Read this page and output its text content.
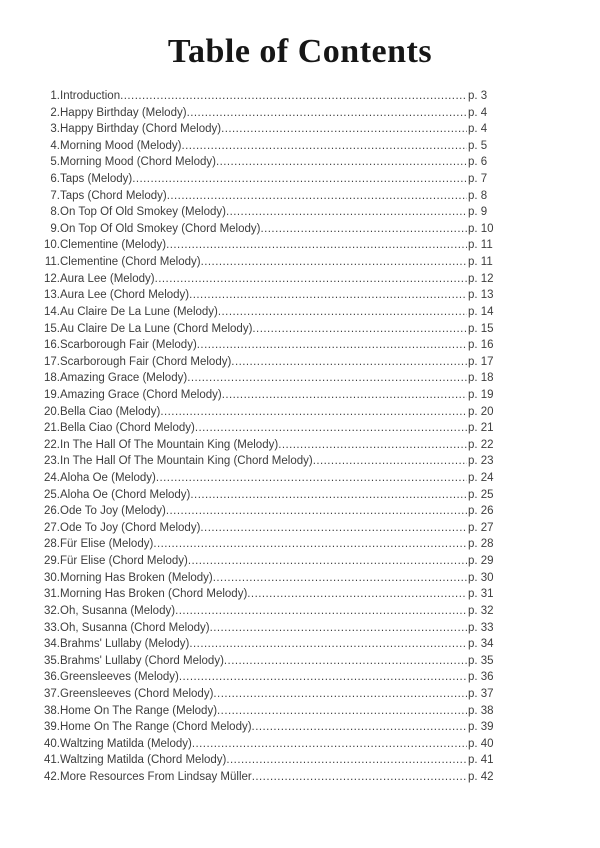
Table of Contents
1. Introduction .....	p. 3
2. Happy Birthday (Melody) .....	p. 4
3. Happy Birthday (Chord Melody) .....	p. 4
4. Morning Mood (Melody) .....	p. 5
5. Morning Mood (Chord Melody) .....	p. 6
6. Taps (Melody) .....	p. 7
7. Taps (Chord Melody) .....	p. 8
8. On Top Of Old Smokey (Melody) .....	p. 9
9. On Top Of Old Smokey (Chord Melody) .....	p. 10
10. Clementine (Melody) .....	p. 11
11. Clementine (Chord Melody) .....	p. 11
12. Aura Lee (Melody) .....	p. 12
13. Aura Lee (Chord Melody) .....	p. 13
14. Au Claire De La Lune (Melody) .....	p. 14
15. Au Claire De La Lune (Chord Melody) .....	p. 15
16. Scarborough Fair (Melody) .....	p. 16
17. Scarborough Fair (Chord Melody) .....	p. 17
18. Amazing Grace (Melody) .....	p. 18
19. Amazing Grace (Chord Melody) .....	p. 19
20. Bella Ciao (Melody) .....	p. 20
21. Bella Ciao (Chord Melody) .....	p. 21
22. In The Hall Of The Mountain King (Melody) .....	p. 22
23. In The Hall Of The Mountain King (Chord Melody) .....	p. 23
24. Aloha Oe (Melody) .....	p. 24
25. Aloha Oe (Chord Melody) .....	p. 25
26. Ode To Joy (Melody) .....	p. 26
27. Ode To Joy (Chord Melody) .....	p. 27
28. Für Elise (Melody) .....	p. 28
29. Für Elise (Chord Melody) .....	p. 29
30. Morning Has Broken (Melody) .....	p. 30
31. Morning Has Broken (Chord Melody) .....	p. 31
32. Oh, Susanna (Melody) .....	p. 32
33. Oh, Susanna (Chord Melody) .....	p. 33
34. Brahms' Lullaby (Melody) .....	p. 34
35. Brahms' Lullaby (Chord Melody) .....	p. 35
36. Greensleeves (Melody) .....	p. 36
37. Greensleeves (Chord Melody) .....	p. 37
38. Home On The Range (Melody) .....	p. 38
39. Home On The Range (Chord Melody) .....	p. 39
40. Waltzing Matilda (Melody) .....	p. 40
41. Waltzing Matilda (Chord Melody) .....	p. 41
42. More Resources From Lindsay Müller .....	p. 42
